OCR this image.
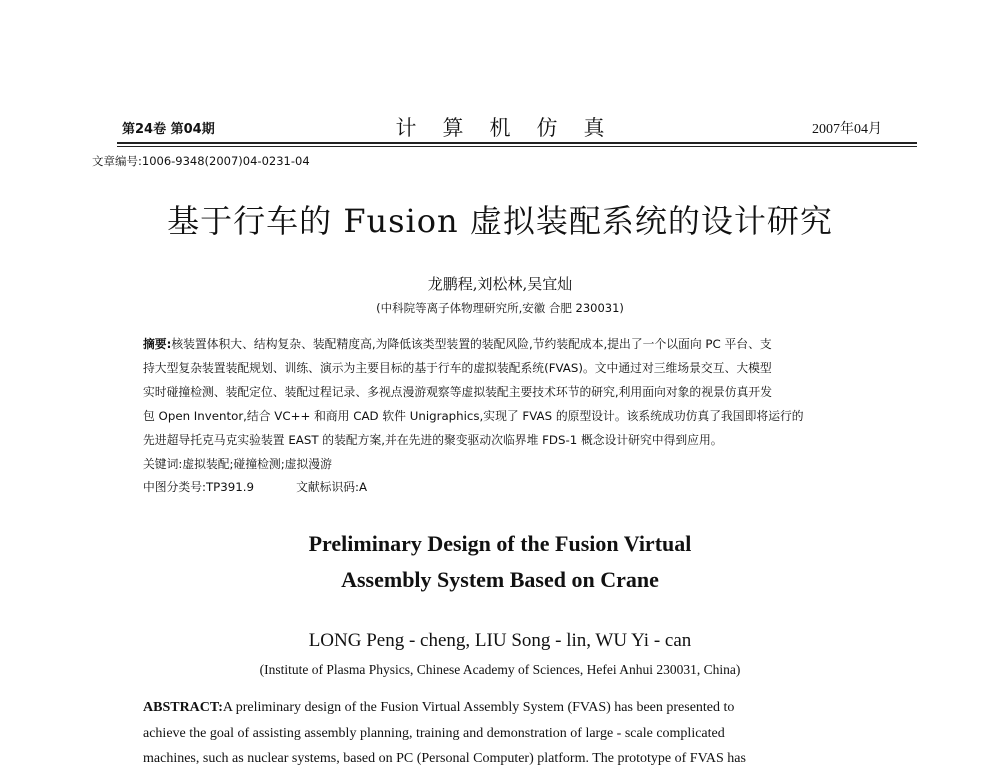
第24卷 第04期	计算机仿真	2007年04月
文章编号:1006-9348(2007)04-0231-04
基于行车的 Fusion 虚拟装配系统的设计研究
龙鹏程,刘松林,吴宜灿
(中科院等离子体物理研究所,安徽 合肥 230031)
摘要:核装置体积大、结构复杂、装配精度高,为降低该类型装置的装配风险,节约装配成本,提出了一个以面向 PC 平台、支
持大型复杂装置装配规划、训练、演示为主要目标的基于行车的虚拟装配系统(FVAS)。文中通过对三维场景交互、大模型
实时碰撞检测、装配定位、装配过程记录、多视点漫游观察等虚拟装配主要技术环节的研究,利用面向对象的视景仿真开发
包 Open Inventor,结合 VC++ 和商用 CAD 软件 Unigraphics,实现了 FVAS 的原型设计。该系统成功仿真了我国即将运行的
先进超导托克马克实验装置 EAST 的装配方案,并在先进的聚变驱动次临界堆 FDS-1 概念设计研究中得到应用。
关键词:虚拟装配;碰撞检测;虚拟漫游
中图分类号:TP391.9	文献标识码:A
Preliminary Design of the Fusion Virtual
Assembly System Based on Crane
LONG Peng - cheng, LIU Song - lin, WU Yi - can
(Institute of Plasma Physics, Chinese Academy of Sciences, Hefei Anhui 230031, China)
ABSTRACT:A preliminary design of the Fusion Virtual Assembly System (FVAS) has been presented to
achieve the goal of assisting assembly planning, training and demonstration of large - scale complicated
machines, such as nuclear systems, based on PC (Personal Computer) platform. The prototype of FVAS has
